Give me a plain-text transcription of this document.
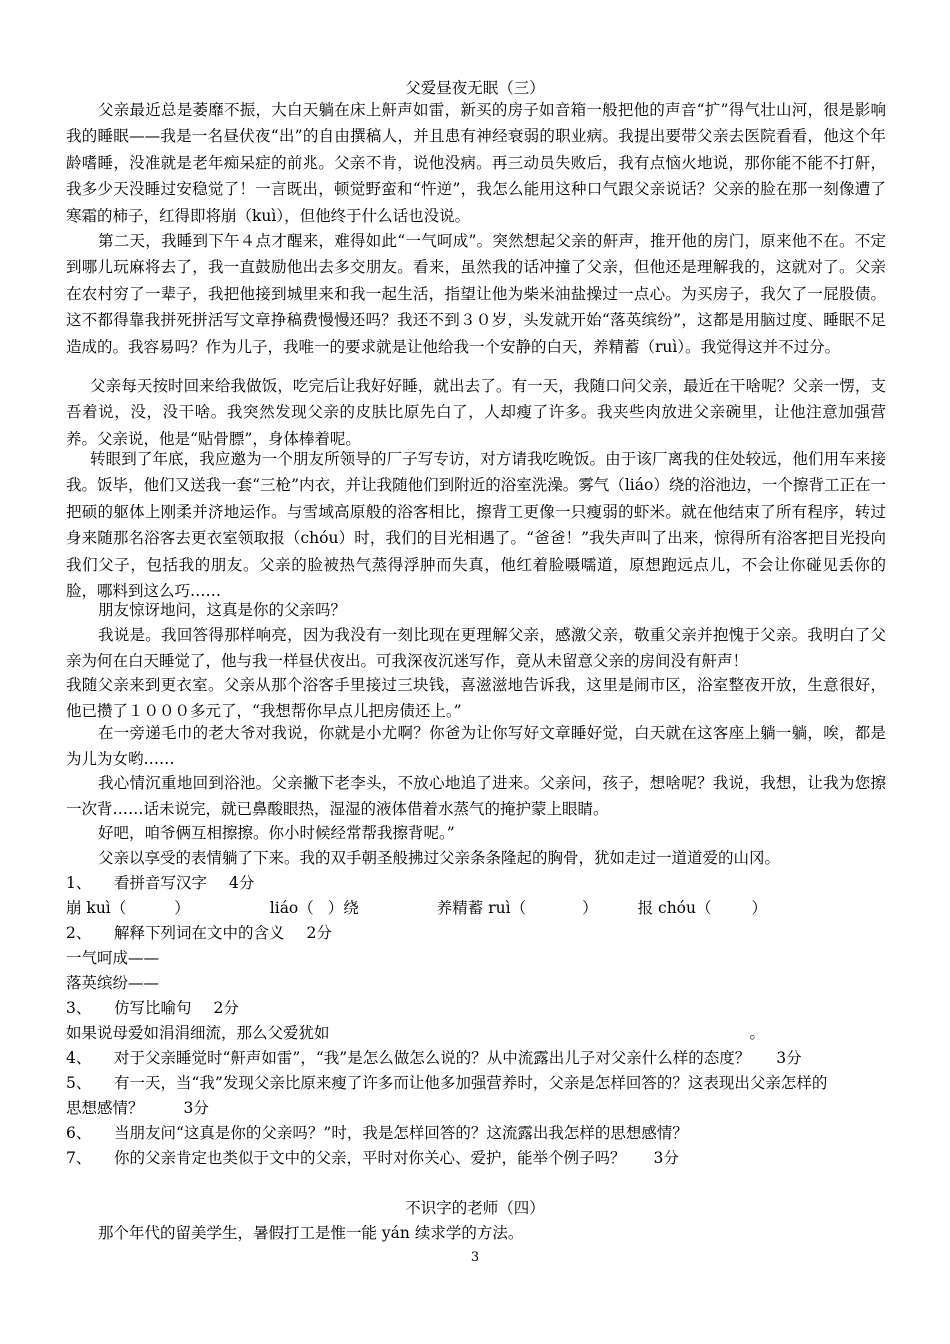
父爱昼夜无眠（三）
父亲最近总是萎靡不振，大白天躺在床上鼾声如雷，新买的房子如音箱一般把他的声音“扩”得气壮山河，很是影响我的睡眠——我是一名昼伏夜“出”的自由撰稿人，并且患有神经衰弱的职业病。我提出要带父亲去医院看看，他这个年龄嗜睡，没准就是老年痴呆症的前兆。父亲不肯，说他没病。再三动员失败后，我有点恼火地说，那你能不能不打鼾，我多少天没睡过安稳觉了！一言既出，顿觉野蛮和“忤逆”，我怎么能用这种口气跟父亲说话？父亲的脸在那一刻像遭了寒霜的柿子，红得即将崩（kuì），但他终于什么话也没说。
第二天，我睡到下午４点才醒来，难得如此“一气呵成”。突然想起父亲的鼾声，推开他的房门，原来他不在。不定到哪儿玩麻将去了，我一直鼓励他出去多交朋友。看来，虽然我的话冲撞了父亲，但他还是理解我的，这就对了。父亲在农村穷了一辈子，我把他接到城里来和我一起生活，指望让他为柴米油盐操过一点心。为买房子，我欠了一屁股债。这不都得靠我拼死拼活写文章挣稿费慢慢还吗？我还不到３０岁，头发就开始“落英缤纷”，这都是用脑过度、睡眠不足造成的。我容易吗？作为儿子，我唯一的要求就是让他给我一个安静的白天，养精蓄（ruì）。我觉得这并不过分。
父亲每天按时回来给我做饭，吃完后让我好好睡，就出去了。有一天，我随口问父亲，最近在干啥呢？父亲一愣，支吾着说，没，没干啥。我突然发现父亲的皮肤比原先白了，人却瘦了许多。我夹些肉放进父亲碗里，让他注意加强营养。父亲说，他是“贴骨膘”，身体棒着呢。
转眼到了年底，我应邀为一个朋友所领导的厂子写专访，对方请我吃晚饭。由于该厂离我的住处较远，他们用车来接我。饭毕，他们又送我一套“三枪”内衣，并让我随他们到附近的浴室洗澡。雾气（liáo）绕的浴池边，一个擦背工正在一把硕的躯体上刚柔并济地运作。与雪域高原般的浴客相比，擦背工更像一只瘦弱的虾米。就在他结束了所有程序，转过身来随那名浴客去更衣室领取报（chóu）时，我们的目光相遇了。“爸爸！”我失声叫了出来，惊得所有浴客把目光投向我们父子，包括我的朋友。父亲的脸被热气蒸得浮肿而失真，他红着脸嗫嚅道，原想跑远点儿，不会让你碰见丢你的脸，哪料到这么巧……
朋友惊讶地问，这真是你的父亲吗？
我说是。我回答得那样响亮，因为我没有一刻比现在更理解父亲，感激父亲，敬重父亲并抱愧于父亲。我明白了父亲为何在白天睡觉了，他与我一样昼伏夜出。可我深夜沉迷写作，竟从未留意父亲的房间没有鼾声！
我随父亲来到更衣室。父亲从那个浴客手里接过三块钱，喜滋滋地告诉我，这里是闹市区，浴室整夜开放，生意很好，他已攒了１０００多元了，“我想帮你早点儿把房债还上。”
在一旁递毛巾的老大爷对我说，你就是小尤啊？你爸为让你写好文章睡好觉，白天就在这客座上躺一躺，唉，都是为儿为女哟……
我心情沉重地回到浴池。父亲撇下老李头，不放心地追了进来。父亲问，孩子，想啥呢？我说，我想，让我为您擦一次背……话未说完，就已鼻酸眼热，湿湿的液体借着水蒸气的掩护蒙上眼睛。
好吧，咱爷俩互相擦擦。你小时候经常帮我擦背呢。”
父亲以享受的表情躺了下来。我的双手朝圣般拂过父亲条条隆起的胸骨，犹如走过一道道爱的山冈。
1、 看拼音写汉字 4分
崩 kuì（	）	liáo（ ）绕	养精蓄 ruì（	）	报 chóu（	）
2、 解释下列词在文中的含义 2分
一气呵成——
落英缤纷——
3、 仿写比喻句 2分
如果说母爱如涓涓细流，那么父爱犹如	。
4、 对于父亲睡觉时“鼾声如雷”，“我”是怎么做怎么说的？从中流露出儿子对父亲什么样的态度？ 3分
5、 有一天，当“我”发现父亲比原来瘦了许多而让他多加强营养时，父亲是怎样回答的？这表现出父亲怎样的
思想感情？	3分
6、 当朋友问“这真是你的父亲吗？”时，我是怎样回答的？这流露出我怎样的思想感情？
7、 你的父亲肯定也类似于文中的父亲，平时对你关心、爱护，能举个例子吗？ 3分
不识字的老师（四）
那个年代的留美学生，暑假打工是惟一能 yán 续求学的方法。
3
